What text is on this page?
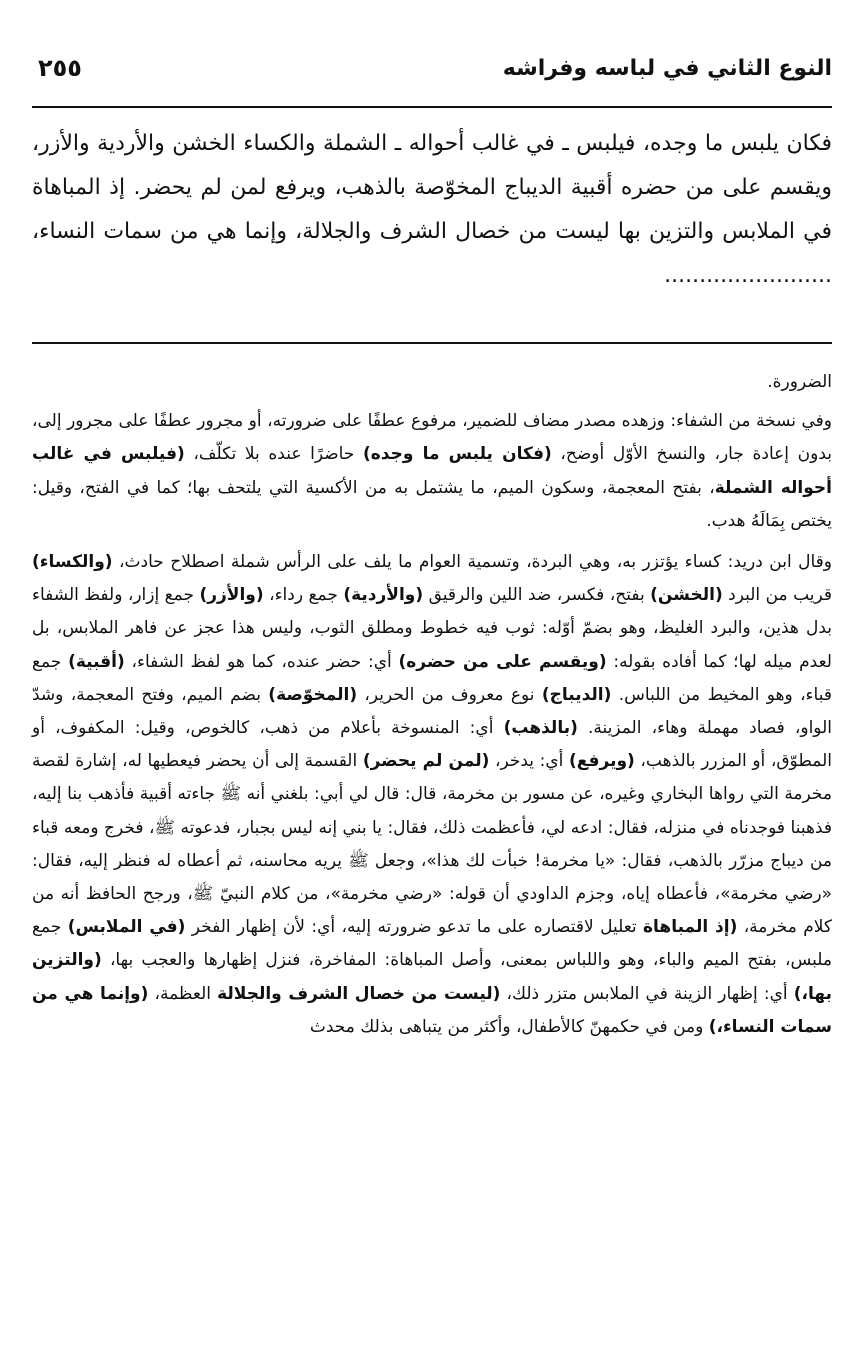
النوع الثاني في لباسه وفراشه
٢٥٥
فكان يلبس ما وجده، فيلبس ـ في غالب أحواله ـ الشملة والكساء الخشن والأردية والأزر، ويقسم على من حضره أقبية الديباج المخوّصة بالذهب، ويرفع لمن لم يحضر. إذ المباهاة في الملابس والتزين بها ليست من خصال الشرف والجلالة، وإنما هي من سمات النساء، ........................

الضرورة.

وفي نسخة من الشفاء: وزهده مصدر مضاف للضمير، مرفوع عطفًا على ضرورته، أو مجرور عطفًا على مجرور إلى، بدون إعادة جار، والنسخ الأوّل أوضح، (فكان يلبس ما وجده) حاضرًا عنده بلا تكلّف، (فيلبس في غالب أحواله الشملة، بفتح المعجمة، وسكون الميم، ما يشتمل به من الأكسية التي يلتحف بها؛ كما في الفتح، وقيل: يختص بِمَالَهُ هدب.

وقال ابن دريد: كساء يؤتزر به، وهي البردة، وتسمية العوام ما يلف على الرأس شملة اصطلاح حادث، (والكساء) قريب من البرد (الخشن) بفتح، فكسر، ضد اللين والرقيق (والأردية) جمع رداء، (والأزر) جمع إزار، ولفظ الشفاء بدل هذين، والبرد الغليظ، وهو بضمّ أوّله: ثوب فيه خطوط ومطلق الثوب، وليس هذا عجز عن فاهر الملابس، بل لعدم ميله لها؛ كما أفاده بقوله: (ويقسم على من حضره) أي: حضر عنده، كما هو لفظ الشفاء، (أقبية) جمع قباء، وهو المخيط من اللباس. (الديباج) نوع معروف من الحرير، (المخوّصة) بضم الميم، وفتح المعجمة، وشدّ الواو، فصاد مهملة وهاء، المزينة. (بالذهب) أي: المنسوخة بأعلام من ذهب، كالخوص، وقيل: المكفوف، أو المطوّق، أو المزرر بالذهب، (ويرفع) أي: يدخر، (لمن لم يحضر) القسمة إلى أن يحضر فيعطيها له، إشارة لقصة مخرمة التي رواها البخاري وغيره، عن مسور بن مخرمة، قال: قال لي أبي: بلغني أنه ﷺ جاءته أقبية فأذهب بنا إليه، فذهبنا فوجدناه في منزله، فقال: ادعه لي، فأعظمت ذلك، فقال: يا بني إنه ليس بجبار، فدعوته ﷺ، فخرج ومعه قباء من ديباج مزرّر بالذهب، فقال: «يا مخرمة! خبأت لك هذا»، وجعل ﷺ يريه محاسنه، ثم أعطاه له فنظر إليه، فقال: «رضي مخرمة»، فأعطاه إياه، وجزم الداودي أن قوله: «رضي مخرمة»، من كلام النبيّ ﷺ، ورجح الحافظ أنه من كلام مخرمة، (إذ المباهاة تعليل لاقتصاره على ما تدعو ضرورته إليه، أي: لأن إظهار الفخر (في الملابس) جمع ملبس، بفتح الميم والباء، وهو واللباس بمعنى، وأصل المباهاة: المفاخرة، فنزل إظهارها والعجب بها، (والتزين بها،) أي: إظهار الزينة في الملابس متزر ذلك، (ليست من خصال الشرف والجلالة العظمة، (وإنما هي من سمات النساء،) ومن في حكمهنّ كالأطفال، وأكثر من يتباهى بذلك محدث
